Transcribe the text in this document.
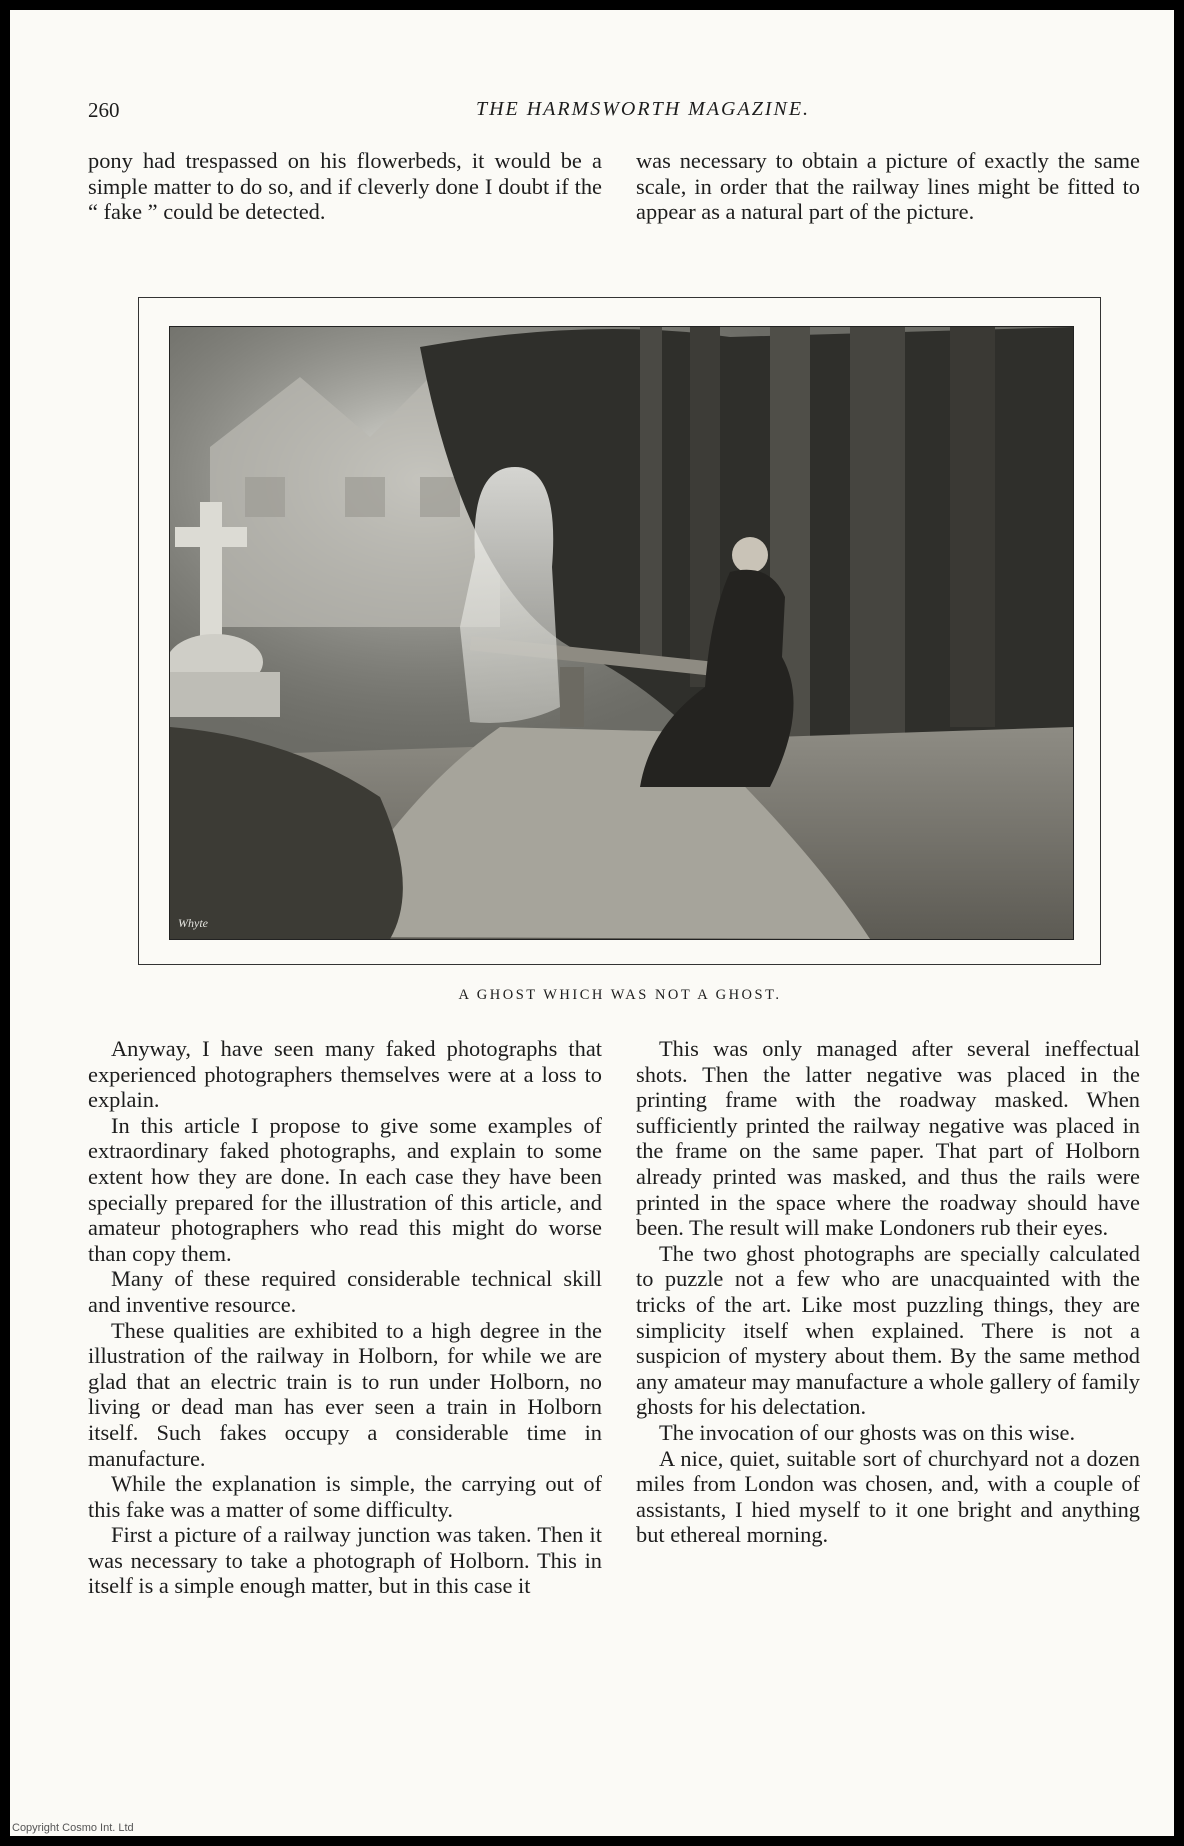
260	THE HARMSWORTH MAGAZINE.

pony had trespassed on his flowerbeds, it would be a simple matter to do so, and if cleverly done I doubt if the “ fake ” could be detected.

was necessary to obtain a picture of exactly the same scale, in order that the railway lines might be fitted to appear as a natural part of the picture.

Whyte
A GHOST WHICH WAS NOT A GHOST.

Anyway, I have seen many faked photographs that experienced photographers themselves were at a loss to explain.

In this article I propose to give some examples of extraordinary faked photographs, and explain to some extent how they are done. In each case they have been specially prepared for the illustration of this article, and amateur photographers who read this might do worse than copy them.

Many of these required considerable technical skill and inventive resource.

These qualities are exhibited to a high degree in the illustration of the railway in Holborn, for while we are glad that an electric train is to run under Holborn, no living or dead man has ever seen a train in Holborn itself. Such fakes occupy a considerable time in manufacture.

While the explanation is simple, the carrying out of this fake was a matter of some difficulty.

First a picture of a railway junction was taken. Then it was necessary to take a photograph of Holborn. This in itself is a simple enough matter, but in this case it

This was only managed after several ineffectual shots. Then the latter negative was placed in the printing frame with the roadway masked. When sufficiently printed the railway negative was placed in the frame on the same paper. That part of Holborn already printed was masked, and thus the rails were printed in the space where the roadway should have been. The result will make Londoners rub their eyes.

The two ghost photographs are specially calculated to puzzle not a few who are unacquainted with the tricks of the art. Like most puzzling things, they are simplicity itself when explained. There is not a suspicion of mystery about them. By the same method any amateur may manufacture a whole gallery of family ghosts for his delectation.

The invocation of our ghosts was on this wise.

A nice, quiet, suitable sort of churchyard not a dozen miles from London was chosen, and, with a couple of assistants, I hied myself to it one bright and anything but ethereal morning.

Copyright Cosmo Int. Ltd
